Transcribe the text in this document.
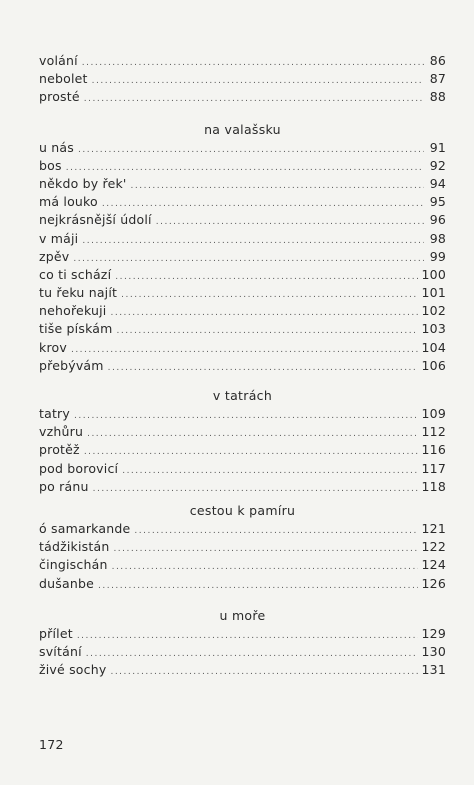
volání .....	86
nebolet .....	87
prosté .....	88
na valašsku
u nás .....	91
bos .....	92
někdo by řek' .....	94
má louko .....	95
nejkrásnější údolí .....	96
v máji .....	98
zpěv .....	99
co ti schází .....	100
tu řeku najít .....	101
nehořekuji .....	102
tiše pískám .....	103
krov .....	104
přebývám .....	106
v tatrách
tatry .....	109
vzhůru .....	112
protěž .....	116
pod borovicí .....	117
po ránu .....	118
cestou k pamíru
ó samarkande .....	121
tádžikistán .....	122
čingischán .....	124
dušanbe .....	126
u moře
přílet .....	129
svítání .....	130
živé sochy .....	131
172
